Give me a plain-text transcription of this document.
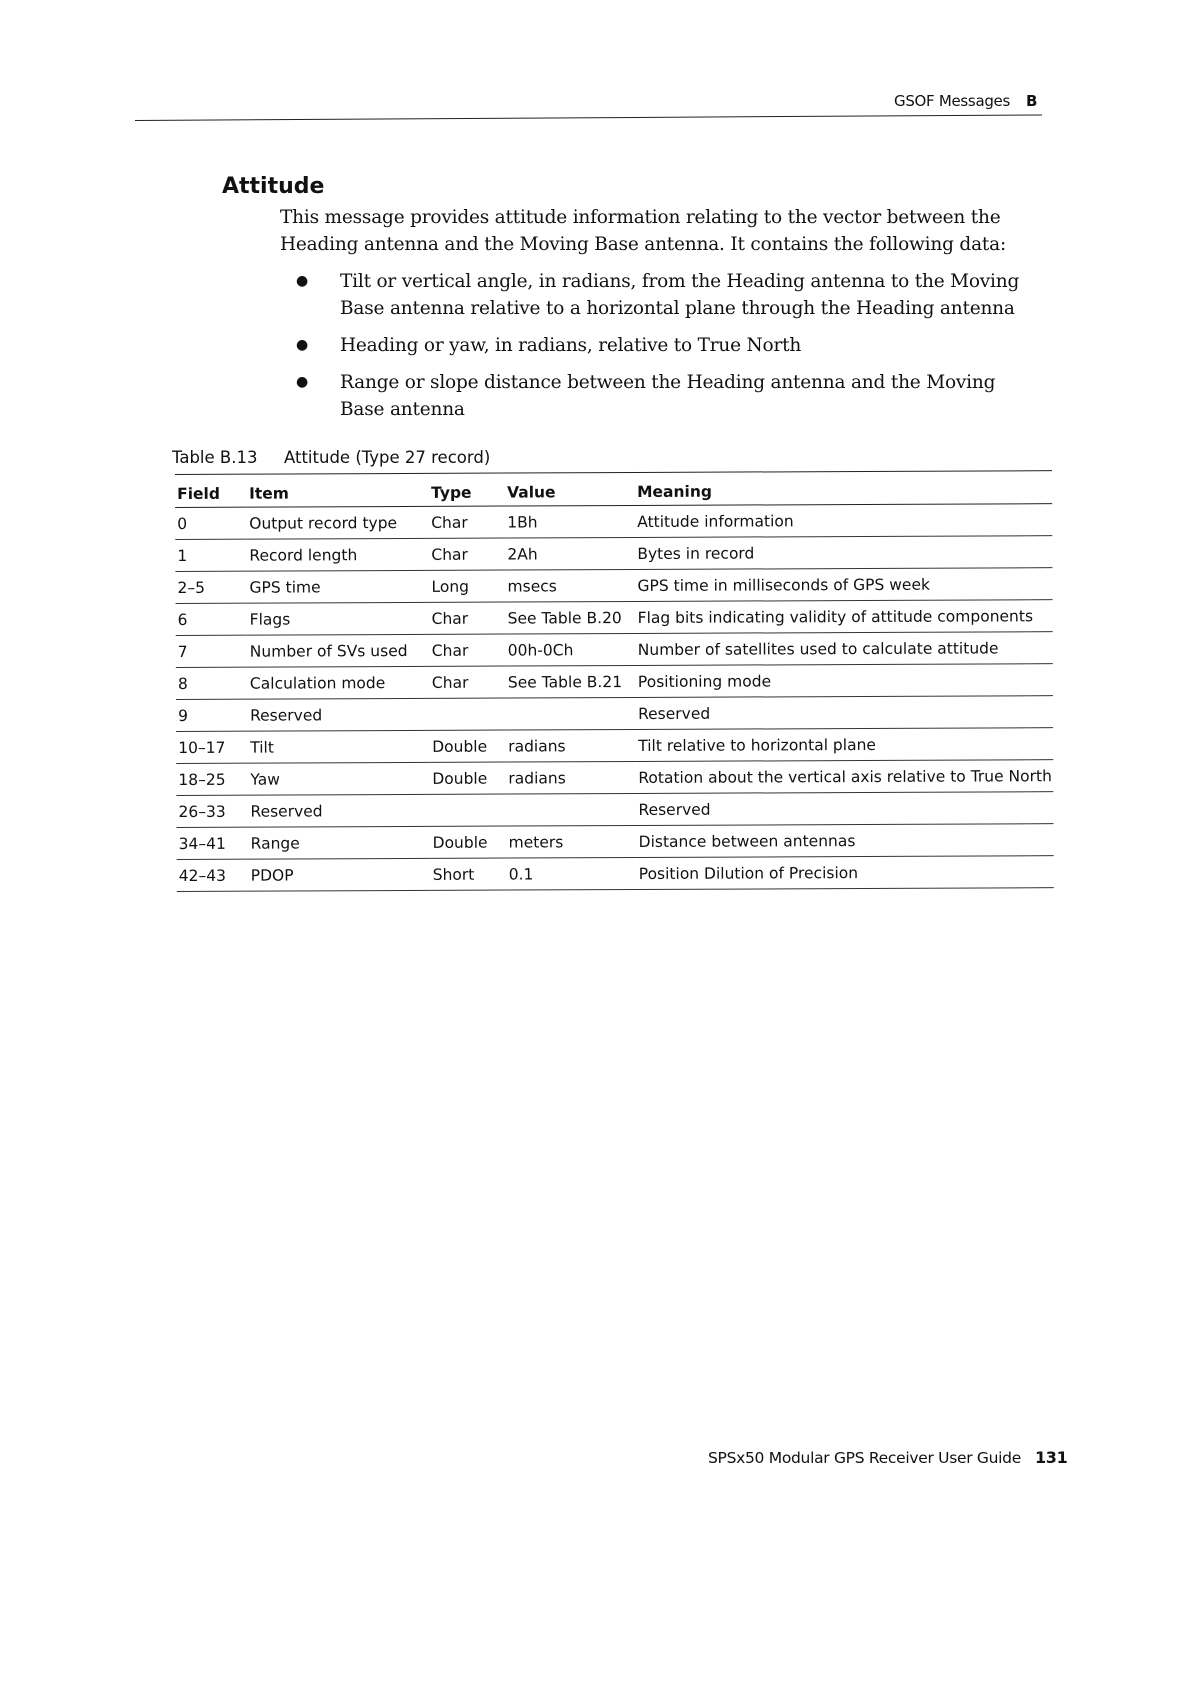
GSOF Messages B
Attitude
This message provides attitude information relating to the vector between the Heading antenna and the Moving Base antenna. It contains the following data:
● Tilt or vertical angle, in radians, from the Heading antenna to the Moving Base antenna relative to a horizontal plane through the Heading antenna
● Heading or yaw, in radians, relative to True North
● Range or slope distance between the Heading antenna and the Moving Base antenna
Table B.13 Attitude (Type 27 record)
Field	Item	Type	Value	Meaning
0	Output record type	Char	1Bh	Attitude information
1	Record length	Char	2Ah	Bytes in record
2–5	GPS time	Long	msecs	GPS time in milliseconds of GPS week
6	Flags	Char	See Table B.20	Flag bits indicating validity of attitude components
7	Number of SVs used	Char	00h-0Ch	Number of satellites used to calculate attitude
8	Calculation mode	Char	See Table B.21	Positioning mode
9	Reserved			Reserved
10–17	Tilt	Double	radians	Tilt relative to horizontal plane
18–25	Yaw	Double	radians	Rotation about the vertical axis relative to True North
26–33	Reserved			Reserved
34–41	Range	Double	meters	Distance between antennas
42–43	PDOP	Short	0.1	Position Dilution of Precision
SPSx50 Modular GPS Receiver User Guide 131
